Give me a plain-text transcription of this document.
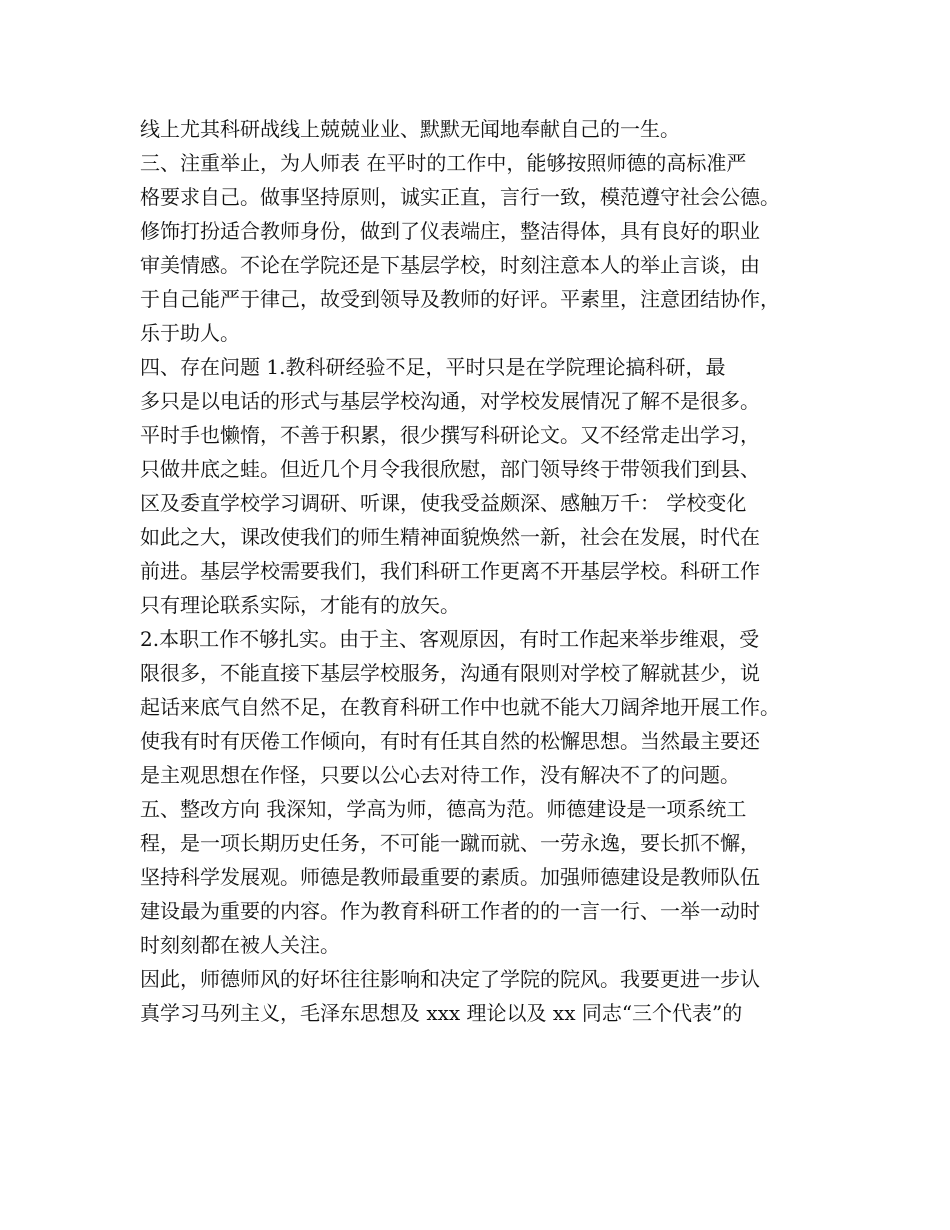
线上尤其科研战线上兢兢业业、默默无闻地奉献自己的一生。
三、注重举止，为人师表 在平时的工作中，能够按照师德的高标准严
格要求自己。做事坚持原则，诚实正直，言行一致，模范遵守社会公德。
修饰打扮适合教师身份，做到了仪表端庄，整洁得体，具有良好的职业
审美情感。不论在学院还是下基层学校，时刻注意本人的举止言谈，由
于自己能严于律己，故受到领导及教师的好评。平素里，注意团结协作，
乐于助人。
四、存在问题 1.教科研经验不足，平时只是在学院理论搞科研，最
多只是以电话的形式与基层学校沟通，对学校发展情况了解不是很多。
平时手也懒惰，不善于积累，很少撰写科研论文。又不经常走出学习，
只做井底之蛙。但近几个月令我很欣慰，部门领导终于带领我们到县、
区及委直学校学习调研、听课，使我受益颇深、感触万千： 学校变化
如此之大，课改使我们的师生精神面貌焕然一新，社会在发展，时代在
前进。基层学校需要我们，我们科研工作更离不开基层学校。科研工作
只有理论联系实际，才能有的放矢。
2.本职工作不够扎实。由于主、客观原因，有时工作起来举步维艰，受
限很多，不能直接下基层学校服务，沟通有限则对学校了解就甚少，说
起话来底气自然不足，在教育科研工作中也就不能大刀阔斧地开展工作。
使我有时有厌倦工作倾向，有时有任其自然的松懈思想。当然最主要还
是主观思想在作怪，只要以公心去对待工作，没有解决不了的问题。
五、整改方向 我深知，学高为师，德高为范。师德建设是一项系统工
程，是一项长期历史任务，不可能一蹴而就、一劳永逸，要长抓不懈，
坚持科学发展观。师德是教师最重要的素质。加强师德建设是教师队伍
建设最为重要的内容。作为教育科研工作者的的一言一行、一举一动时
时刻刻都在被人关注。
因此，师德师风的好坏往往影响和决定了学院的院风。我要更进一步认
真学习马列主义，毛泽东思想及 xxx 理论以及 xx 同志“三个代表”的
